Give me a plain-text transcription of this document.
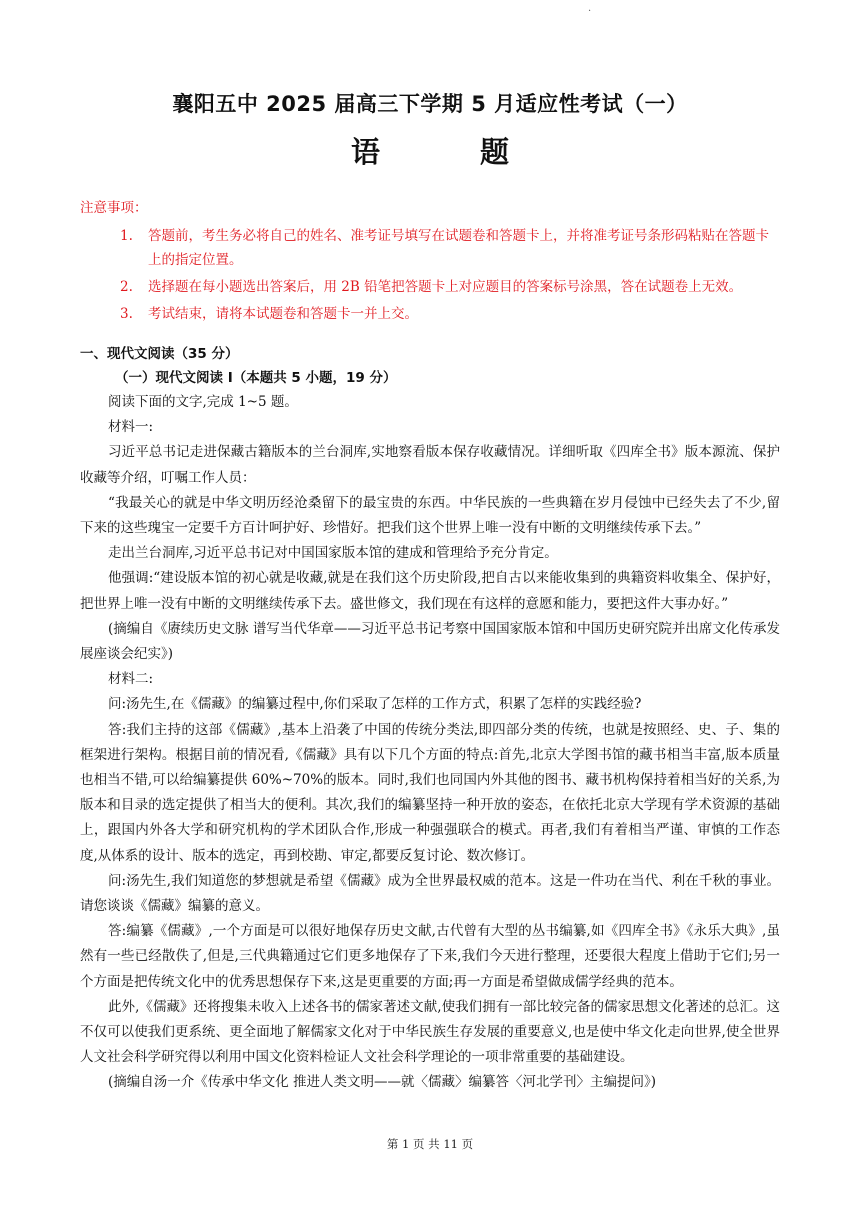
·
襄阳五中 2025 届高三下学期 5 月适应性考试（一）
语题
注意事项：
1.	答题前，考生务必将自己的姓名、准考证号填写在试题卷和答题卡上，并将准考证号条形码粘贴在答题卡上的指定位置。
2.	选择题在每小题选出答案后，用 2B 铅笔把答题卡上对应题目的答案标号涂黑，答在试题卷上无效。
3.	考试结束，请将本试题卷和答题卡一并上交。
一、现代文阅读（35 分）
（一）现代文阅读 I（本题共 5 小题，19 分）
阅读下面的文字,完成 1~5 题。
材料一:
习近平总书记走进保藏古籍版本的兰台洞库,实地察看版本保存收藏情况。详细听取《四库全书》版本源流、保护收藏等介绍，叮嘱工作人员：
“我最关心的就是中华文明历经沧桑留下的最宝贵的东西。中华民族的一些典籍在岁月侵蚀中已经失去了不少,留下来的这些瑰宝一定要千方百计呵护好、珍惜好。把我们这个世界上唯一没有中断的文明继续传承下去。”
走出兰台洞库,习近平总书记对中国国家版本馆的建成和管理给予充分肯定。
他强调:“建设版本馆的初心就是收藏,就是在我们这个历史阶段,把自古以来能收集到的典籍资料收集全、保护好，把世界上唯一没有中断的文明继续传承下去。盛世修文，我们现在有这样的意愿和能力，要把这件大事办好。”
(摘编自《赓续历史文脉 谱写当代华章——习近平总书记考察中国国家版本馆和中国历史研究院并出席文化传承发展座谈会纪实》)
材料二:
问:汤先生,在《儒藏》的编纂过程中,你们采取了怎样的工作方式，积累了怎样的实践经验?
答:我们主持的这部《儒藏》,基本上沿袭了中国的传统分类法,即四部分类的传统，也就是按照经、史、子、集的框架进行架构。根据目前的情况看,《儒藏》具有以下几个方面的特点:首先,北京大学图书馆的藏书相当丰富,版本质量也相当不错,可以给编纂提供 60%~70%的版本。同时,我们也同国内外其他的图书、藏书机构保持着相当好的关系,为版本和目录的选定提供了相当大的便利。其次,我们的编纂坚持一种开放的姿态，在依托北京大学现有学术资源的基础上，跟国内外各大学和研究机构的学术团队合作,形成一种强强联合的模式。再者,我们有着相当严谨、审慎的工作态度,从体系的设计、版本的选定，再到校勘、审定,都要反复讨论、数次修订。
问:汤先生,我们知道您的梦想就是希望《儒藏》成为全世界最权威的范本。这是一件功在当代、利在千秋的事业。请您谈谈《儒藏》编纂的意义。
答:编纂《儒藏》,一个方面是可以很好地保存历史文献,古代曾有大型的丛书编纂,如《四库全书》《永乐大典》,虽然有一些已经散佚了,但是,三代典籍通过它们更多地保存了下来,我们今天进行整理，还要很大程度上借助于它们;另一个方面是把传统文化中的优秀思想保存下来,这是更重要的方面;再一方面是希望做成儒学经典的范本。
此外,《儒藏》还将搜集未收入上述各书的儒家著述文献,使我们拥有一部比较完备的儒家思想文化著述的总汇。这不仅可以使我们更系统、更全面地了解儒家文化对于中华民族生存发展的重要意义,也是使中华文化走向世界,使全世界人文社会科学研究得以利用中国文化资料检证人文社会科学理论的一项非常重要的基础建设。
(摘编自汤一介《传承中华文化 推进人类文明——就〈儒藏〉编纂答〈河北学刊〉主编提问》)
第 1 页 共 11 页
